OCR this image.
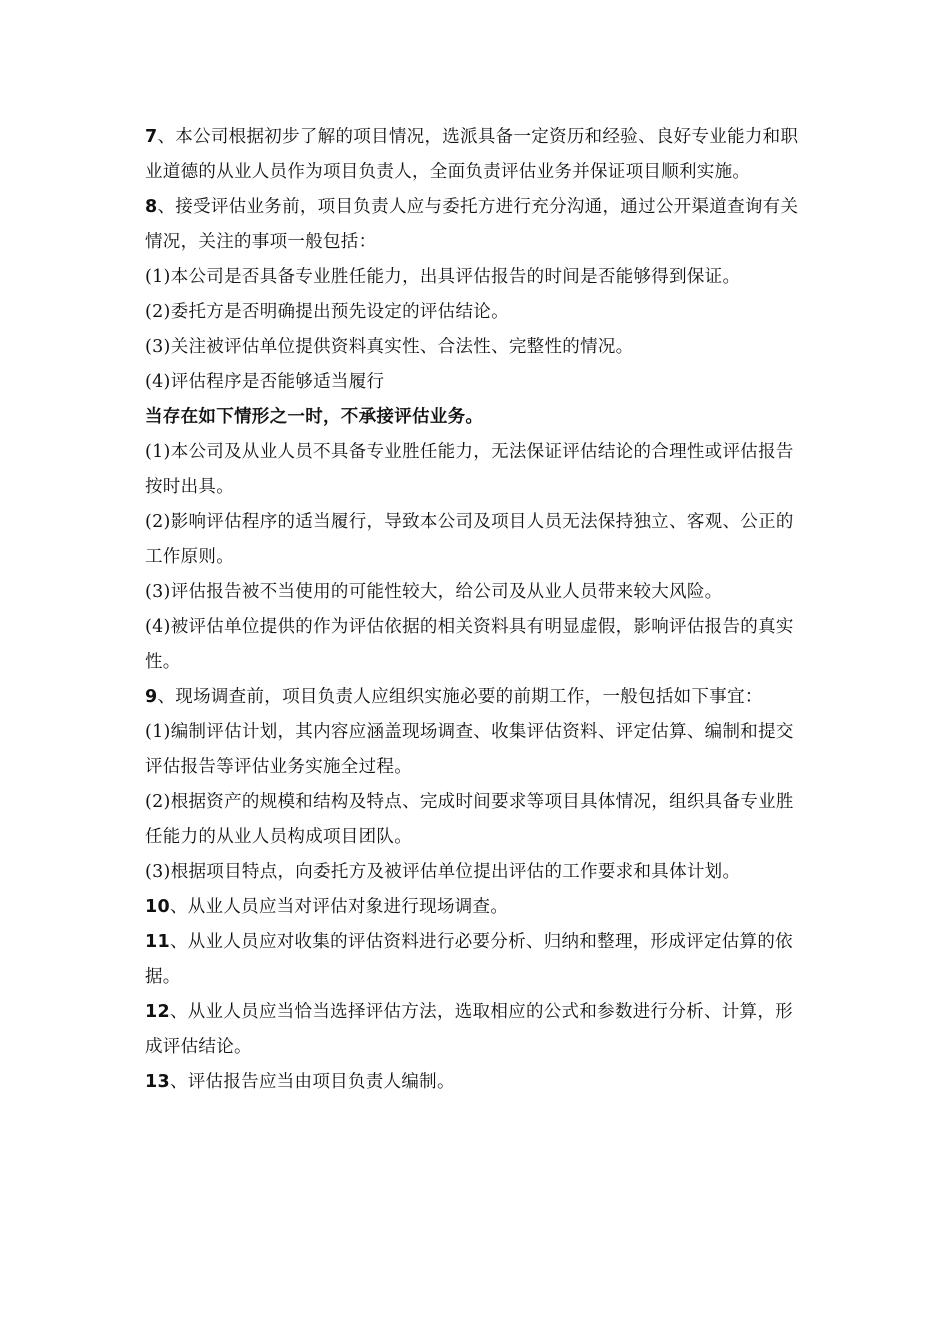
7、本公司根据初步了解的项目情况，选派具备一定资历和经验、良好专业能力和职业道德的从业人员作为项目负责人，全面负责评估业务并保证项目顺利实施。

8、接受评估业务前，项目负责人应与委托方进行充分沟通，通过公开渠道查询有关情况，关注的事项一般包括：

(1)本公司是否具备专业胜任能力，出具评估报告的时间是否能够得到保证。

(2)委托方是否明确提出预先设定的评估结论。

(3)关注被评估单位提供资料真实性、合法性、完整性的情况。

(4)评估程序是否能够适当履行

当存在如下情形之一时，不承接评估业务。

(1)本公司及从业人员不具备专业胜任能力，无法保证评估结论的合理性或评估报告按时出具。

(2)影响评估程序的适当履行，导致本公司及项目人员无法保持独立、客观、公正的工作原则。

(3)评估报告被不当使用的可能性较大，给公司及从业人员带来较大风险。

(4)被评估单位提供的作为评估依据的相关资料具有明显虚假，影响评估报告的真实性。

9、现场调查前，项目负责人应组织实施必要的前期工作，一般包括如下事宜：

(1)编制评估计划，其内容应涵盖现场调查、收集评估资料、评定估算、编制和提交评估报告等评估业务实施全过程。

(2)根据资产的规模和结构及特点、完成时间要求等项目具体情况，组织具备专业胜任能力的从业人员构成项目团队。

(3)根据项目特点，向委托方及被评估单位提出评估的工作要求和具体计划。

10、从业人员应当对评估对象进行现场调查。

11、从业人员应对收集的评估资料进行必要分析、归纳和整理，形成评定估算的依据。

12、从业人员应当恰当选择评估方法，选取相应的公式和参数进行分析、计算，形成评估结论。

13、评估报告应当由项目负责人编制。
